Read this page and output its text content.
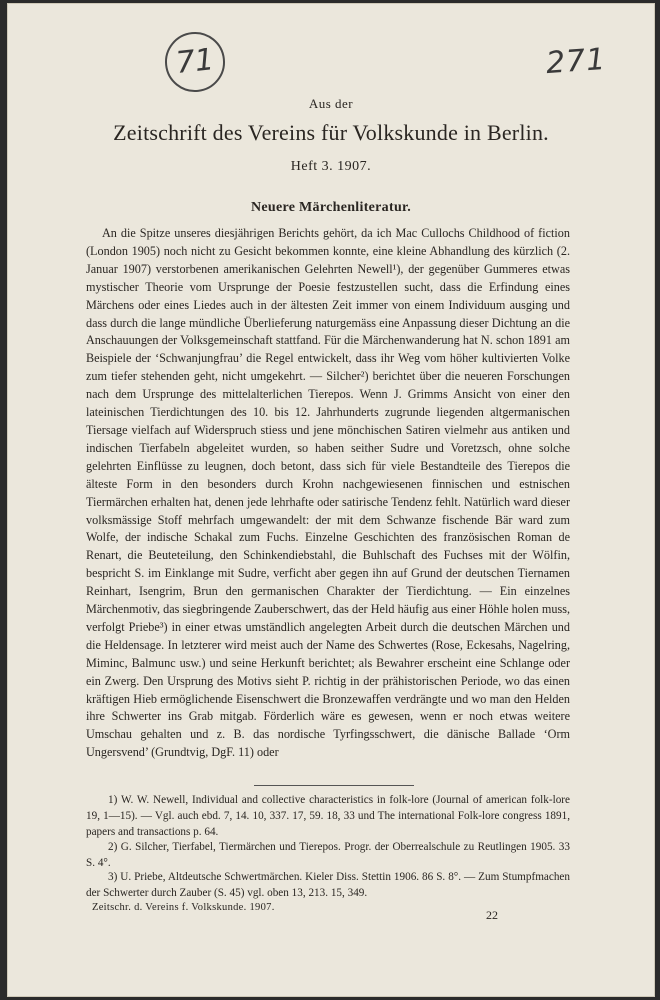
71	271
Aus der
Zeitschrift des Vereins für Volkskunde in Berlin.
Heft 3. 1907.
Neuere Märchenliteratur.

An die Spitze unseres diesjährigen Berichts gehört, da ich Mac Cullochs Childhood of fiction (London 1905) noch nicht zu Gesicht bekommen konnte, eine kleine Abhandlung des kürzlich (2. Januar 1907) verstorbenen amerikanischen Gelehrten Newell¹), der gegenüber Gummeres etwas mystischer Theorie vom Ursprunge der Poesie festzustellen sucht, dass die Erfindung eines Märchens oder eines Liedes auch in der ältesten Zeit immer von einem Individuum ausging und dass durch die lange mündliche Überlieferung naturgemäss eine Anpassung dieser Dichtung an die Anschauungen der Volksgemeinschaft stattfand. Für die Märchenwanderung hat N. schon 1891 am Beispiele der ‘Schwanjungfrau’ die Regel entwickelt, dass ihr Weg vom höher kultivierten Volke zum tiefer stehenden geht, nicht umgekehrt. — Silcher²) berichtet über die neueren Forschungen nach dem Ursprunge des mittelalterlichen Tierepos. Wenn J. Grimms Ansicht von einer den lateinischen Tierdichtungen des 10. bis 12. Jahrhunderts zugrunde liegenden altgermanischen Tiersage vielfach auf Widerspruch stiess und jene mönchischen Satiren vielmehr aus antiken und indischen Tierfabeln abgeleitet wurden, so haben seither Sudre und Voretzsch, ohne solche gelehrten Einflüsse zu leugnen, doch betont, dass sich für viele Bestandteile des Tierepos die älteste Form in den besonders durch Krohn nachgewiesenen finnischen und estnischen Tiermärchen erhalten hat, denen jede lehrhafte oder satirische Tendenz fehlt. Natürlich ward dieser volksmässige Stoff mehrfach umgewandelt: der mit dem Schwanze fischende Bär ward zum Wolfe, der indische Schakal zum Fuchs. Einzelne Geschichten des französischen Roman de Renart, die Beuteteilung, den Schinkendiebstahl, die Buhlschaft des Fuchses mit der Wölfin, bespricht S. im Einklange mit Sudre, verficht aber gegen ihn auf Grund der deutschen Tiernamen Reinhart, Isengrim, Brun den germanischen Charakter der Tierdichtung. — Ein einzelnes Märchenmotiv, das siegbringende Zauberschwert, das der Held häufig aus einer Höhle holen muss, verfolgt Priebe³) in einer etwas umständlich angelegten Arbeit durch die deutschen Märchen und die Heldensage. In letzterer wird meist auch der Name des Schwertes (Rose, Eckesahs, Nagelring, Miminc, Balmunc usw.) und seine Herkunft berichtet; als Bewahrer erscheint eine Schlange oder ein Zwerg. Den Ursprung des Motivs sieht P. richtig in der prähistorischen Periode, wo das einen kräftigen Hieb ermöglichende Eisenschwert die Bronzewaffen verdrängte und wo man den Helden ihre Schwerter ins Grab mitgab. Förderlich wäre es gewesen, wenn er noch etwas weitere Umschau gehalten und z. B. das nordische Tyrfingsschwert, die dänische Ballade ‘Orm Ungersvend’ (Grundtvig, DgF. 11) oder

1) W. W. Newell, Individual and collective characteristics in folk-lore (Journal of american folk-lore 19, 1—15). — Vgl. auch ebd. 7, 14. 10, 337. 17, 59. 18, 33 und The international Folk-lore congress 1891, papers and transactions p. 64.

2) G. Silcher, Tierfabel, Tiermärchen und Tierepos. Progr. der Oberrealschule zu Reutlingen 1905. 33 S. 4°.

3) U. Priebe, Altdeutsche Schwertmärchen. Kieler Diss. Stettin 1906. 86 S. 8°. — Zum Stumpfmachen der Schwerter durch Zauber (S. 45) vgl. oben 13, 213. 15, 349.

Zeitschr. d. Vereins f. Volkskunde. 1907.
22
